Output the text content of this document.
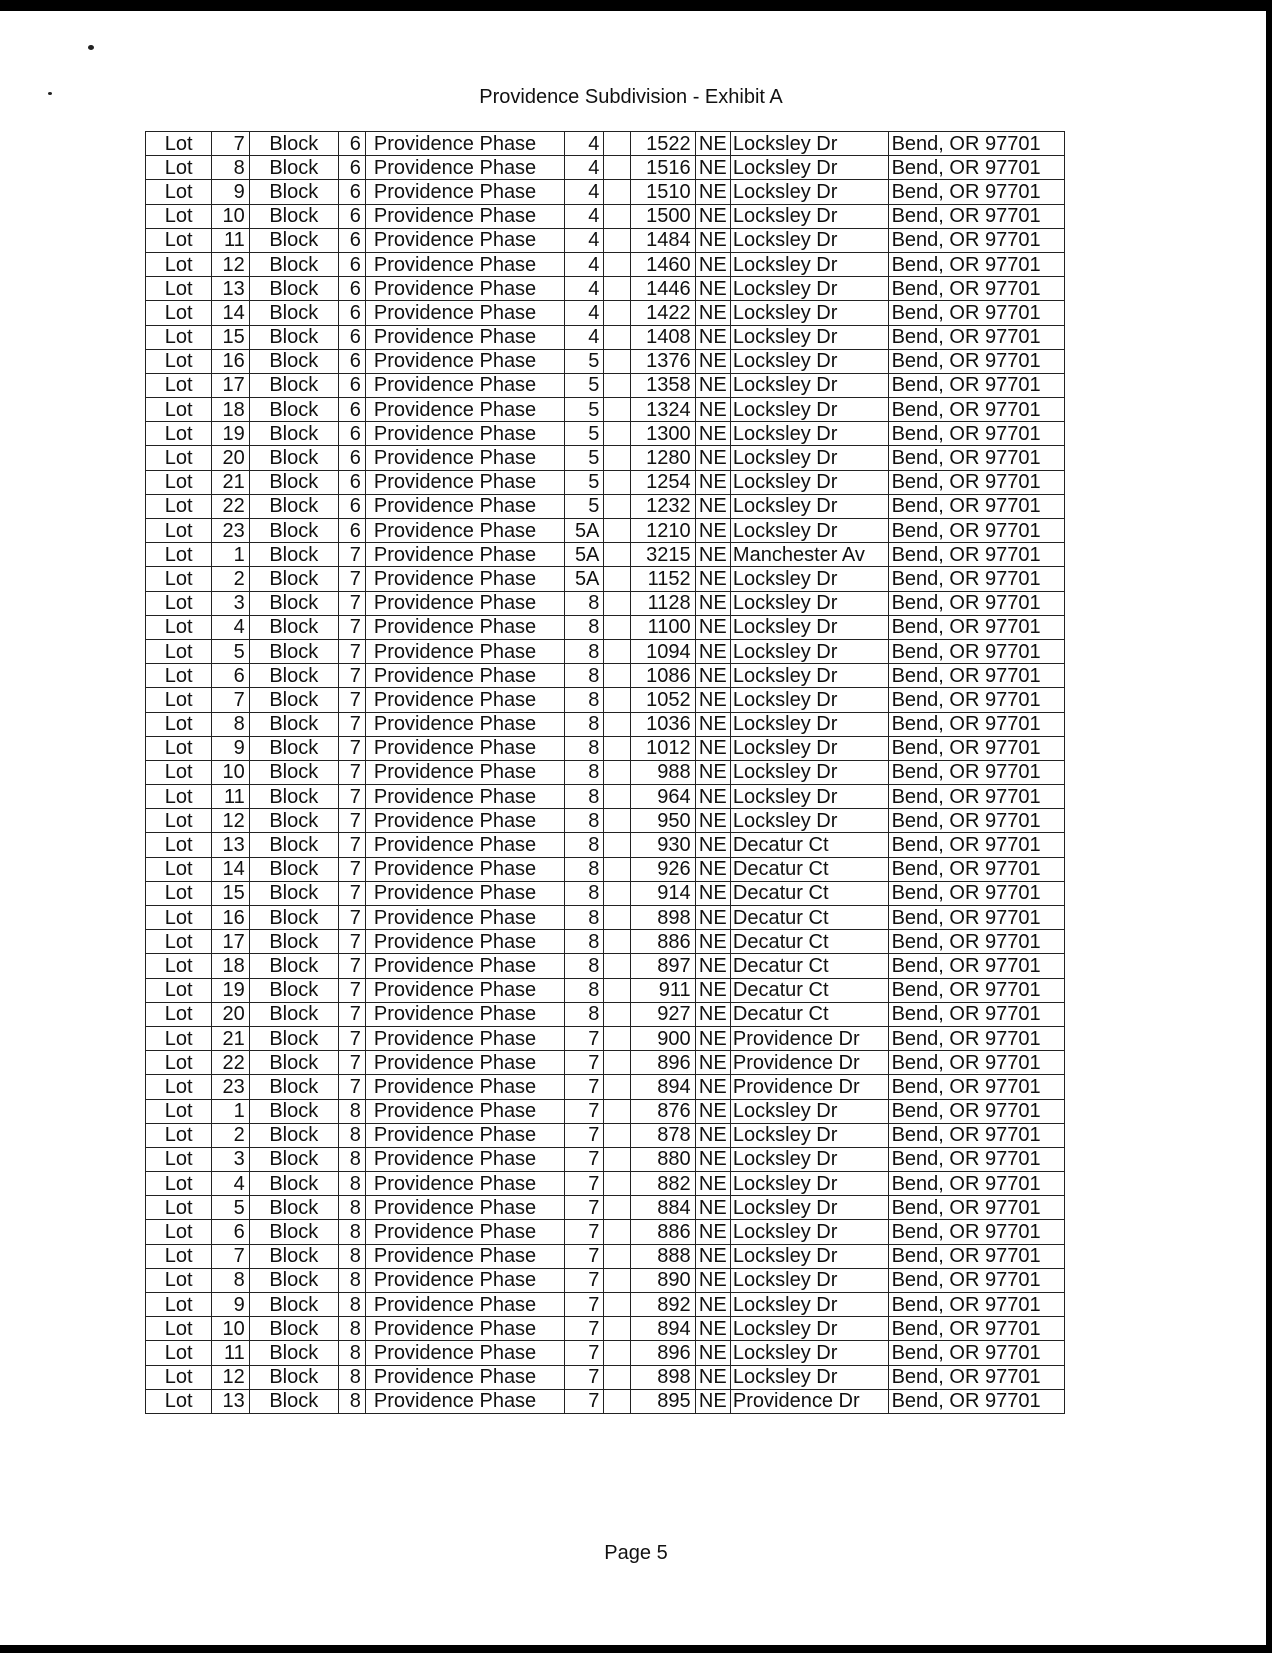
Providence Subdivision - Exhibit A
Lot	7	Block	6	Providence Phase	4		1522	NE	Locksley Dr	Bend, OR 97701
Lot	8	Block	6	Providence Phase	4		1516	NE	Locksley Dr	Bend, OR 97701
Lot	9	Block	6	Providence Phase	4		1510	NE	Locksley Dr	Bend, OR 97701
Lot	10	Block	6	Providence Phase	4		1500	NE	Locksley Dr	Bend, OR 97701
Lot	11	Block	6	Providence Phase	4		1484	NE	Locksley Dr	Bend, OR 97701
Lot	12	Block	6	Providence Phase	4		1460	NE	Locksley Dr	Bend, OR 97701
Lot	13	Block	6	Providence Phase	4		1446	NE	Locksley Dr	Bend, OR 97701
Lot	14	Block	6	Providence Phase	4		1422	NE	Locksley Dr	Bend, OR 97701
Lot	15	Block	6	Providence Phase	4		1408	NE	Locksley Dr	Bend, OR 97701
Lot	16	Block	6	Providence Phase	5		1376	NE	Locksley Dr	Bend, OR 97701
Lot	17	Block	6	Providence Phase	5		1358	NE	Locksley Dr	Bend, OR 97701
Lot	18	Block	6	Providence Phase	5		1324	NE	Locksley Dr	Bend, OR 97701
Lot	19	Block	6	Providence Phase	5		1300	NE	Locksley Dr	Bend, OR 97701
Lot	20	Block	6	Providence Phase	5		1280	NE	Locksley Dr	Bend, OR 97701
Lot	21	Block	6	Providence Phase	5		1254	NE	Locksley Dr	Bend, OR 97701
Lot	22	Block	6	Providence Phase	5		1232	NE	Locksley Dr	Bend, OR 97701
Lot	23	Block	6	Providence Phase	5A		1210	NE	Locksley Dr	Bend, OR 97701
Lot	1	Block	7	Providence Phase	5A		3215	NE	Manchester Av	Bend, OR 97701
Lot	2	Block	7	Providence Phase	5A		1152	NE	Locksley Dr	Bend, OR 97701
Lot	3	Block	7	Providence Phase	8		1128	NE	Locksley Dr	Bend, OR 97701
Lot	4	Block	7	Providence Phase	8		1100	NE	Locksley Dr	Bend, OR 97701
Lot	5	Block	7	Providence Phase	8		1094	NE	Locksley Dr	Bend, OR 97701
Lot	6	Block	7	Providence Phase	8		1086	NE	Locksley Dr	Bend, OR 97701
Lot	7	Block	7	Providence Phase	8		1052	NE	Locksley Dr	Bend, OR 97701
Lot	8	Block	7	Providence Phase	8		1036	NE	Locksley Dr	Bend, OR 97701
Lot	9	Block	7	Providence Phase	8		1012	NE	Locksley Dr	Bend, OR 97701
Lot	10	Block	7	Providence Phase	8		988	NE	Locksley Dr	Bend, OR 97701
Lot	11	Block	7	Providence Phase	8		964	NE	Locksley Dr	Bend, OR 97701
Lot	12	Block	7	Providence Phase	8		950	NE	Locksley Dr	Bend, OR 97701
Lot	13	Block	7	Providence Phase	8		930	NE	Decatur Ct	Bend, OR 97701
Lot	14	Block	7	Providence Phase	8		926	NE	Decatur Ct	Bend, OR 97701
Lot	15	Block	7	Providence Phase	8		914	NE	Decatur Ct	Bend, OR 97701
Lot	16	Block	7	Providence Phase	8		898	NE	Decatur Ct	Bend, OR 97701
Lot	17	Block	7	Providence Phase	8		886	NE	Decatur Ct	Bend, OR 97701
Lot	18	Block	7	Providence Phase	8		897	NE	Decatur Ct	Bend, OR 97701
Lot	19	Block	7	Providence Phase	8		911	NE	Decatur Ct	Bend, OR 97701
Lot	20	Block	7	Providence Phase	8		927	NE	Decatur Ct	Bend, OR 97701
Lot	21	Block	7	Providence Phase	7		900	NE	Providence Dr	Bend, OR 97701
Lot	22	Block	7	Providence Phase	7		896	NE	Providence Dr	Bend, OR 97701
Lot	23	Block	7	Providence Phase	7		894	NE	Providence Dr	Bend, OR 97701
Lot	1	Block	8	Providence Phase	7		876	NE	Locksley Dr	Bend, OR 97701
Lot	2	Block	8	Providence Phase	7		878	NE	Locksley Dr	Bend, OR 97701
Lot	3	Block	8	Providence Phase	7		880	NE	Locksley Dr	Bend, OR 97701
Lot	4	Block	8	Providence Phase	7		882	NE	Locksley Dr	Bend, OR 97701
Lot	5	Block	8	Providence Phase	7		884	NE	Locksley Dr	Bend, OR 97701
Lot	6	Block	8	Providence Phase	7		886	NE	Locksley Dr	Bend, OR 97701
Lot	7	Block	8	Providence Phase	7		888	NE	Locksley Dr	Bend, OR 97701
Lot	8	Block	8	Providence Phase	7		890	NE	Locksley Dr	Bend, OR 97701
Lot	9	Block	8	Providence Phase	7		892	NE	Locksley Dr	Bend, OR 97701
Lot	10	Block	8	Providence Phase	7		894	NE	Locksley Dr	Bend, OR 97701
Lot	11	Block	8	Providence Phase	7		896	NE	Locksley Dr	Bend, OR 97701
Lot	12	Block	8	Providence Phase	7		898	NE	Locksley Dr	Bend, OR 97701
Lot	13	Block	8	Providence Phase	7		895	NE	Providence Dr	Bend, OR 97701
Page 5
